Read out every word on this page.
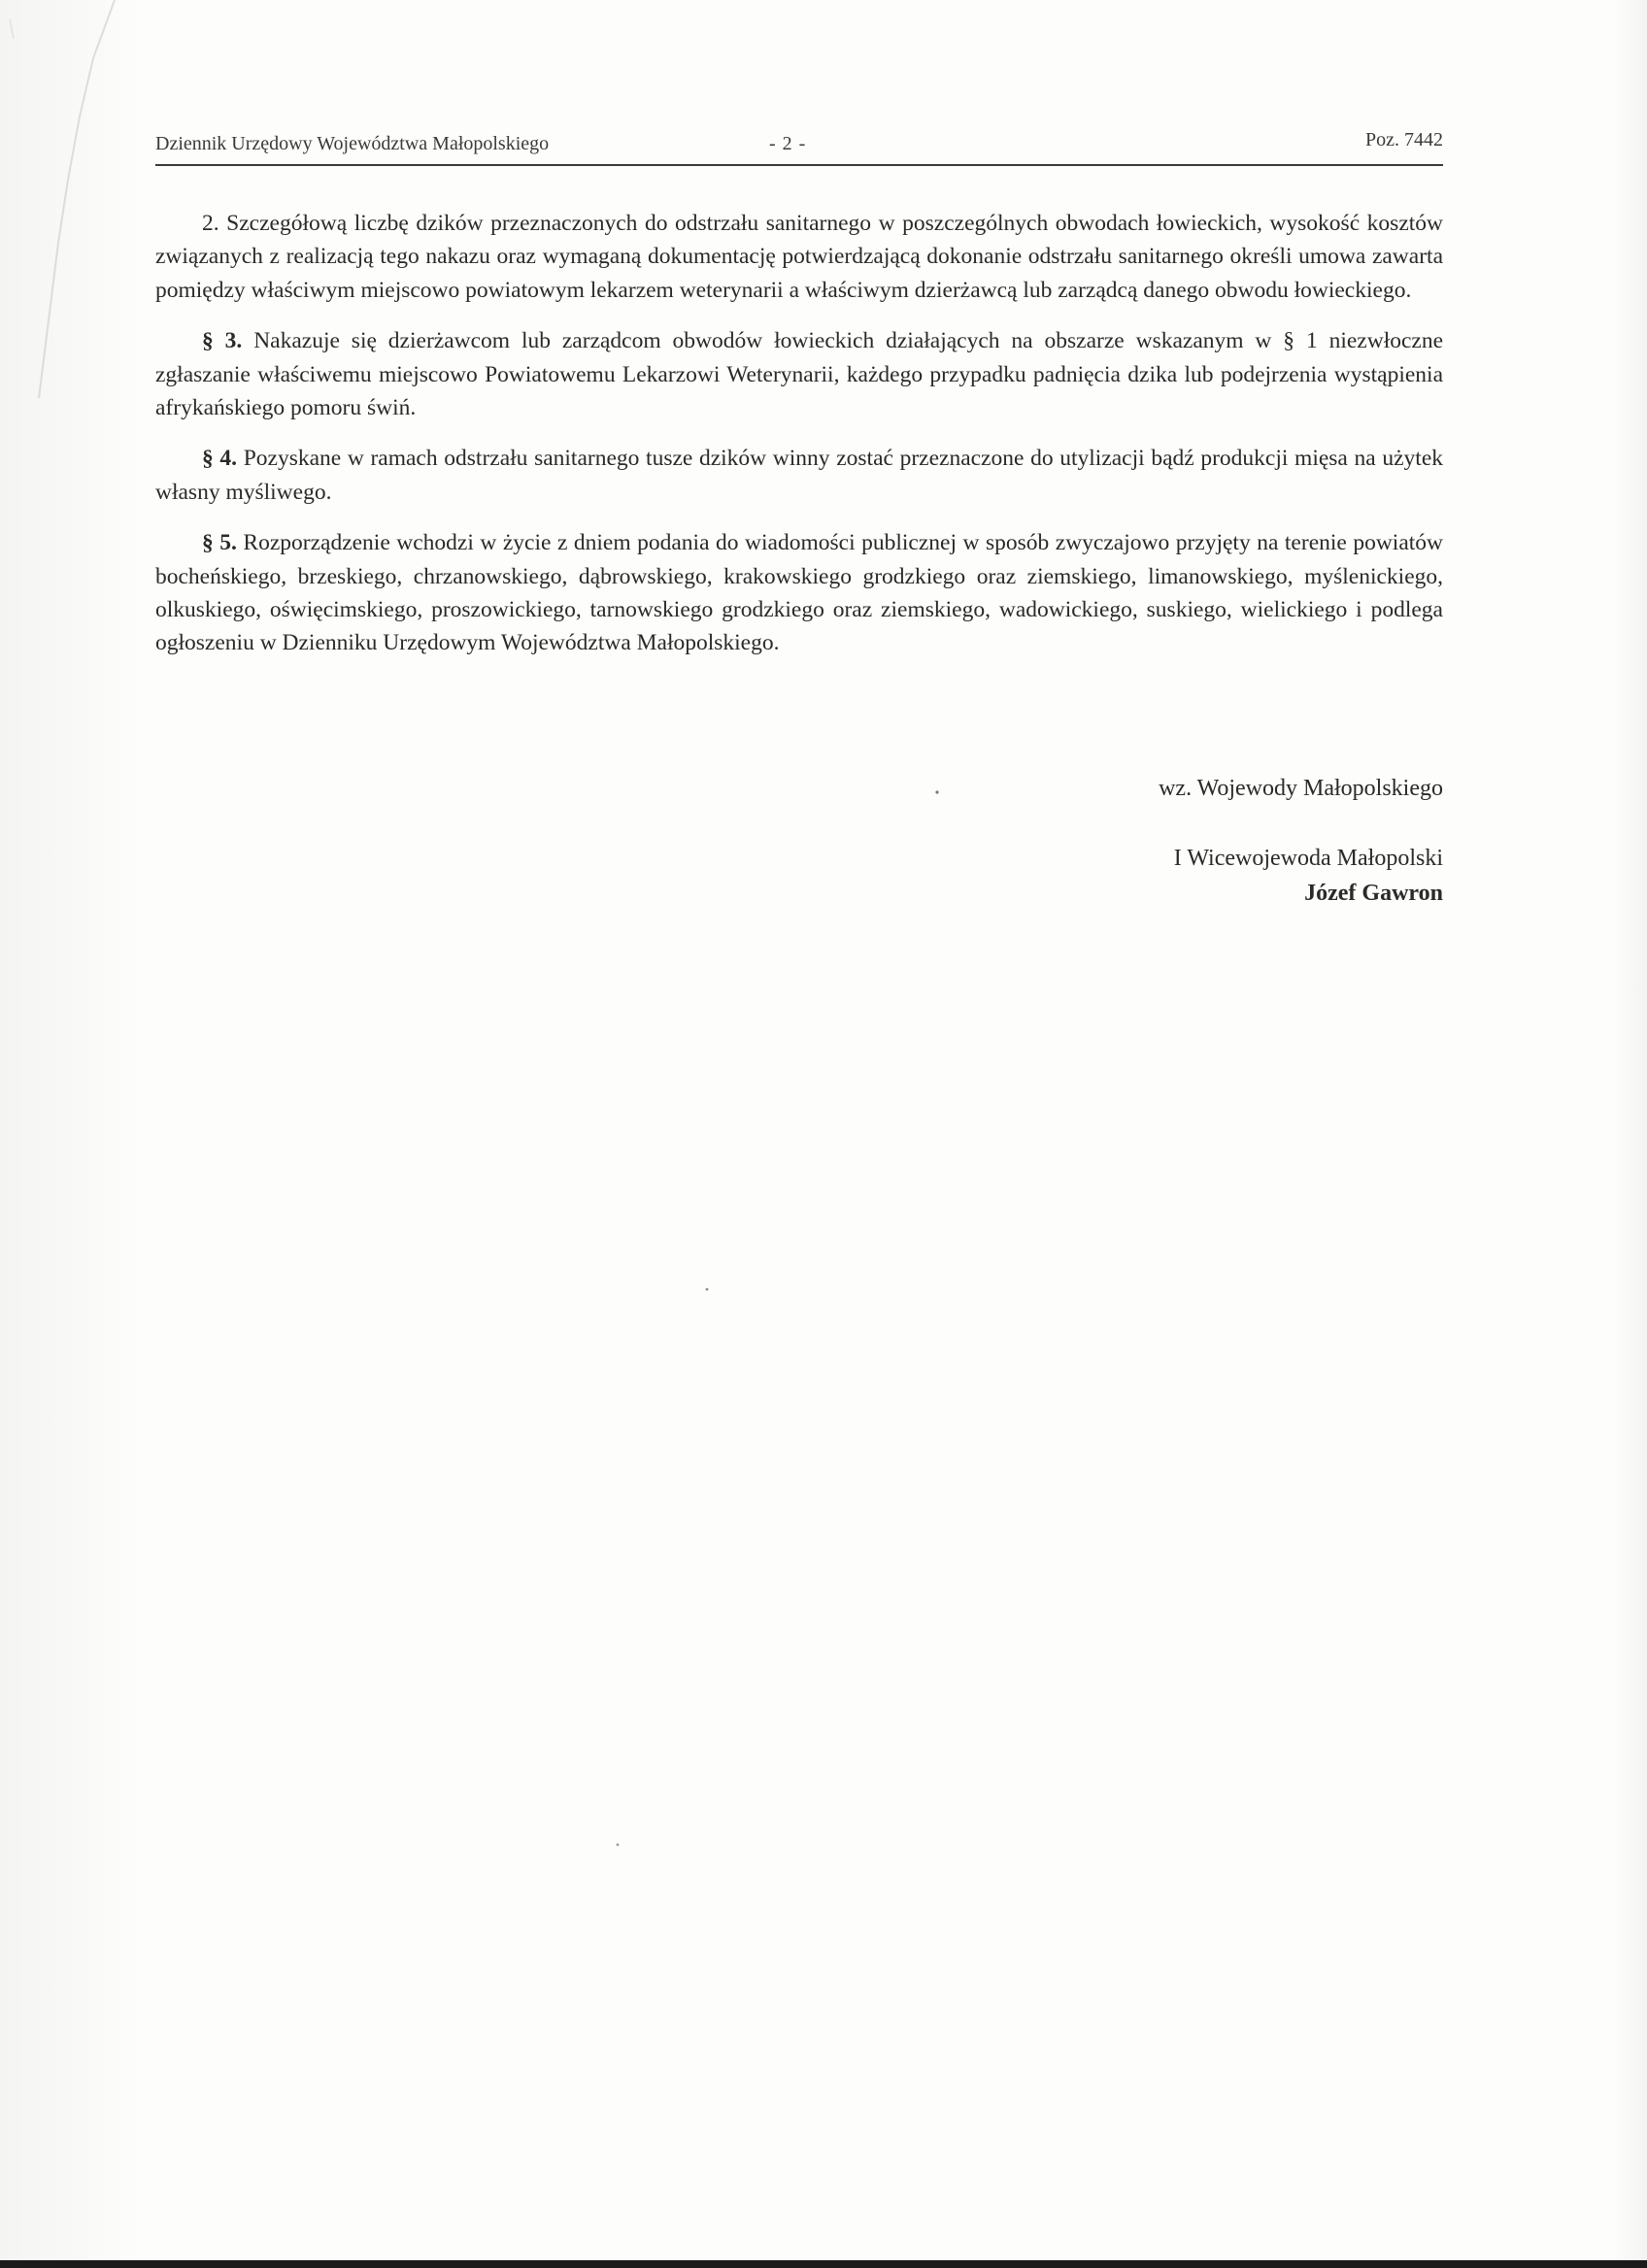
Dziennik Urzędowy Województwa Małopolskiego	- 2 -	Poz. 7442

2. Szczegółową liczbę dzików przeznaczonych do odstrzału sanitarnego w poszczególnych obwodach łowieckich, wysokość kosztów związanych z realizacją tego nakazu oraz wymaganą dokumentację potwierdzającą dokonanie odstrzału sanitarnego określi umowa zawarta pomiędzy właściwym miejscowo powiatowym lekarzem weterynarii a właściwym dzierżawcą lub zarządcą danego obwodu łowieckiego.

§ 3. Nakazuje się dzierżawcom lub zarządcom obwodów łowieckich działających na obszarze wskazanym w § 1 niezwłoczne zgłaszanie właściwemu miejscowo Powiatowemu Lekarzowi Weterynarii, każdego przypadku padnięcia dzika lub podejrzenia wystąpienia afrykańskiego pomoru świń.

§ 4. Pozyskane w ramach odstrzału sanitarnego tusze dzików winny zostać przeznaczone do utylizacji bądź produkcji mięsa na użytek własny myśliwego.

§ 5. Rozporządzenie wchodzi w życie z dniem podania do wiadomości publicznej w sposób zwyczajowo przyjęty na terenie powiatów bocheńskiego, brzeskiego, chrzanowskiego, dąbrowskiego, krakowskiego grodzkiego oraz ziemskiego, limanowskiego, myślenickiego, olkuskiego, oświęcimskiego, proszowickiego, tarnowskiego grodzkiego oraz ziemskiego, wadowickiego, suskiego, wielickiego i podlega ogłoszeniu w Dzienniku Urzędowym Województwa Małopolskiego.

wz. Wojewody Małopolskiego
I Wicewojewoda Małopolski
Józef Gawron
